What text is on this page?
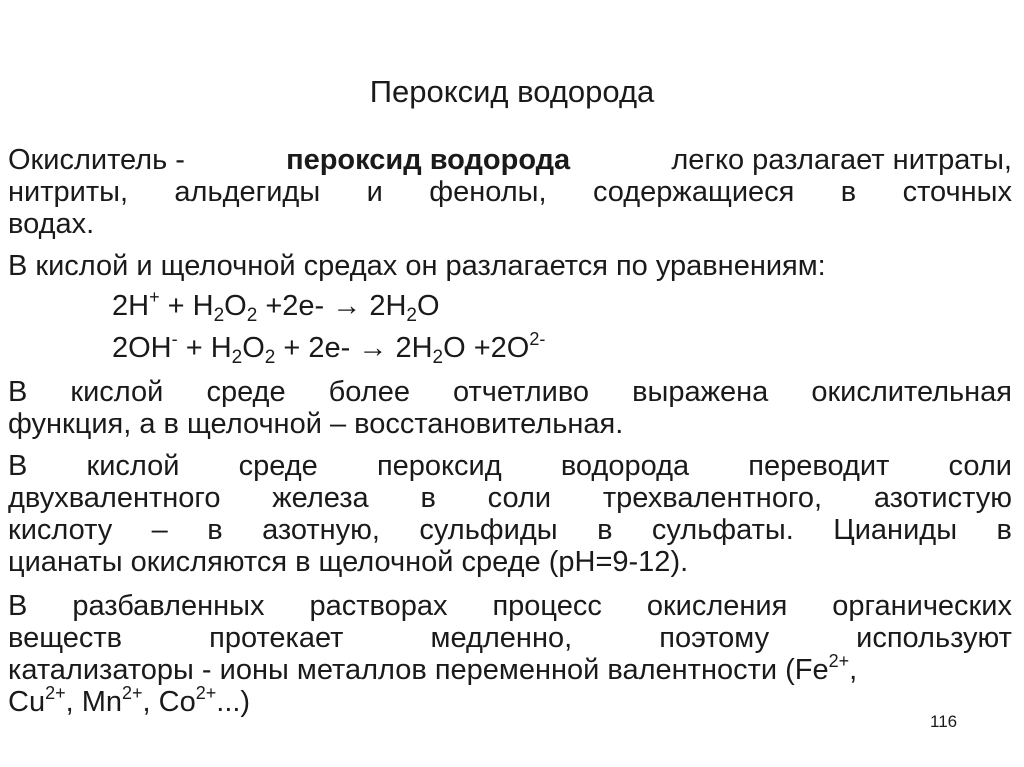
Пероксид водорода
Окислитель -	пероксид водорода	легко разлагает нитраты,
нитриты, альдегиды и фенолы, содержащиеся в сточных
водах.
В кислой и щелочной средах он разлагается по уравнениям:
$2H^+ + H_2O_2 +2e- \to 2H_2O$
$2OH^- + H_2O_2 + 2e- \to 2H_2O +2O^{2-}$
В кислой среде более отчетливо выражена окислительная
функция, а в щелочной – восстановительная.
В кислой среде пероксид водорода переводит соли
двухвалентного железа в соли трехвалентного, азотистую
кислоту – в азотную, сульфиды в сульфаты. Цианиды в
цианаты окисляются в щелочной среде (pH=9-12).
В разбавленных растворах процесс окисления органических
веществ	протекает	медленно,	поэтому	используют
катализаторы - ионы металлов переменной валентности ($Fe^{2+}$,
$Cu^{2+}$, $Mn^{2+}$, $Co^{2+}$...)
116
